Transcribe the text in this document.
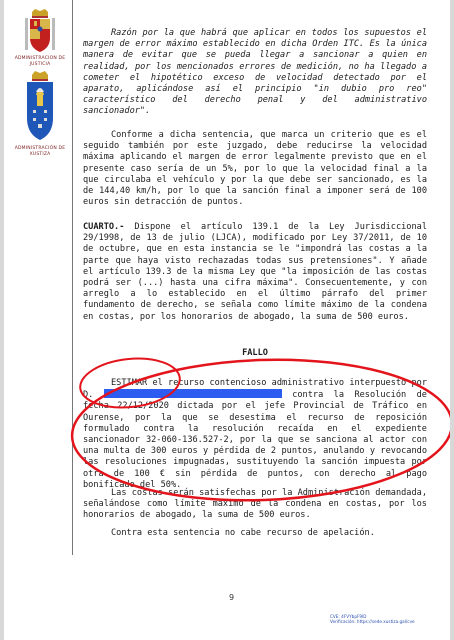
ADMINISTRACION DE JUSTICIA
ADMINISTRACIÓN DE XUSTIZA

Razón por la que habrá que aplicar en todos los supuestos el margen de error máximo establecido en dicha Orden ITC. Es la única manera de evitar que se pueda llegar a sancionar a quien en realidad, por los mencionados errores de medición, no ha llegado a cometer el hipotético exceso de velocidad detectado por el aparato, aplicándose así el principio "in dubio pro reo" característico del derecho penal y del administrativo sancionador".

Conforme a dicha sentencia, que marca un criterio que es el seguido también por este juzgado, debe reducirse la velocidad máxima aplicando el margen de error legalmente previsto que en el presente caso sería de un 5%, por lo que la velocidad final a la que circulaba el vehículo y por la que debe ser sancionado, es la de 144,40 km/h, por lo que la sanción final a imponer será de 100 euros sin detracción de puntos.

CUARTO.- Dispone el artículo 139.1 de la Ley Jurisdiccional 29/1998, de 13 de julio (LJCA), modificado por Ley 37/2011, de 10 de octubre, que en esta instancia se le "impondrá las costas a la parte que haya visto rechazadas todas sus pretensiones". Y añade el artículo 139.3 de la misma Ley que "la imposición de las costas podrá ser (...) hasta una cifra máxima". Consecuentemente, y con arreglo a lo establecido en el último párrafo del primer fundamento de derecho, se señala como límite máximo de la condena en costas, por los honorarios de abogado, la suma de 500 euros.

FALLO

ESTIMAR el recurso contencioso administrativo interpuesto por D.	contra la Resolución de fecha 22/12/2020 dictada por el jefe Provincial de Tráfico en Ourense, por la que se desestima el recurso de reposición formulado contra la resolución recaída en el expediente sancionador 32-060-136.527-2, por la que se sanciona al actor con una multa de 300 euros y pérdida de 2 puntos, anulando y revocando las resoluciones impugnadas, sustituyendo la sanción impuesta por otra de 100 € sin pérdida de puntos, con derecho al pago bonificado del 50%.

Las costas serán satisfechas por la Administración demandada, señalándose como límite máximo de la condena en costas, por los honorarios de abogado, la suma de 500 euros.

Contra esta sentencia no cabe recurso de apelación.

9
CVE: 4FVYbpF9lD
Verificación: https://sede.xustiza.gal/cve
